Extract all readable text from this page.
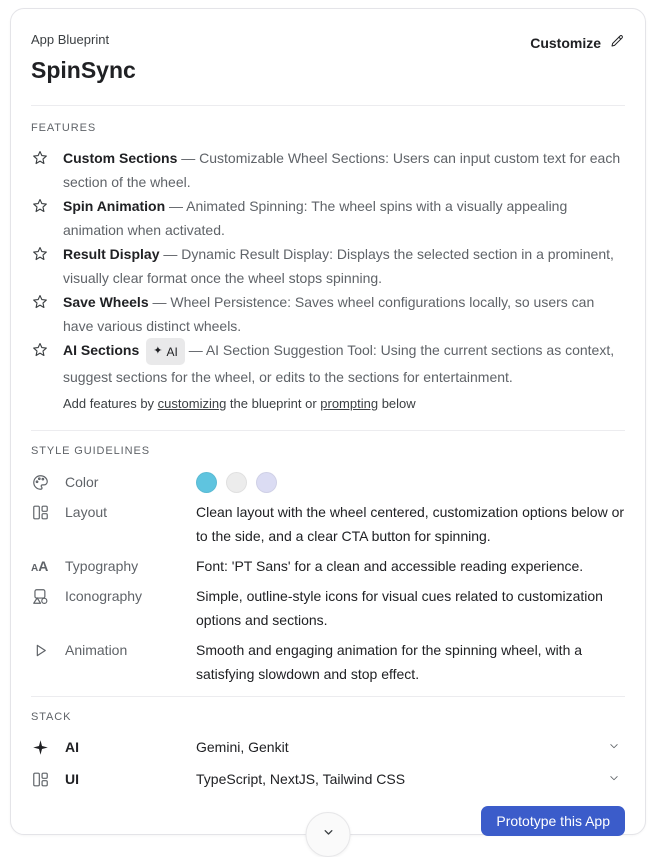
App Blueprint
SpinSync
Customize
FEATURES
Custom Sections — Customizable Wheel Sections: Users can input custom text for each section of the wheel.
Spin Animation — Animated Spinning: The wheel spins with a visually appealing animation when activated.
Result Display — Dynamic Result Display: Displays the selected section in a prominent, visually clear format once the wheel stops spinning.
Save Wheels — Wheel Persistence: Saves wheel configurations locally, so users can have various distinct wheels.
AI Sections ✦ AI — AI Section Suggestion Tool: Using the current sections as context, suggest sections for the wheel, or edits to the sections for entertainment.
Add features by customizing the blueprint or prompting below
STYLE GUIDELINES
Color
Layout	Clean layout with the wheel centered, customization options below or to the side, and a clear CTA button for spinning.
AA	Typography	Font: 'PT Sans' for a clean and accessible reading experience.
Iconography	Simple, outline-style icons for visual cues related to customization options and sections.
Animation	Smooth and engaging animation for the spinning wheel, with a satisfying slowdown and stop effect.
STACK
AI	Gemini, Genkit
UI	TypeScript, NextJS, Tailwind CSS
Prototype this App
